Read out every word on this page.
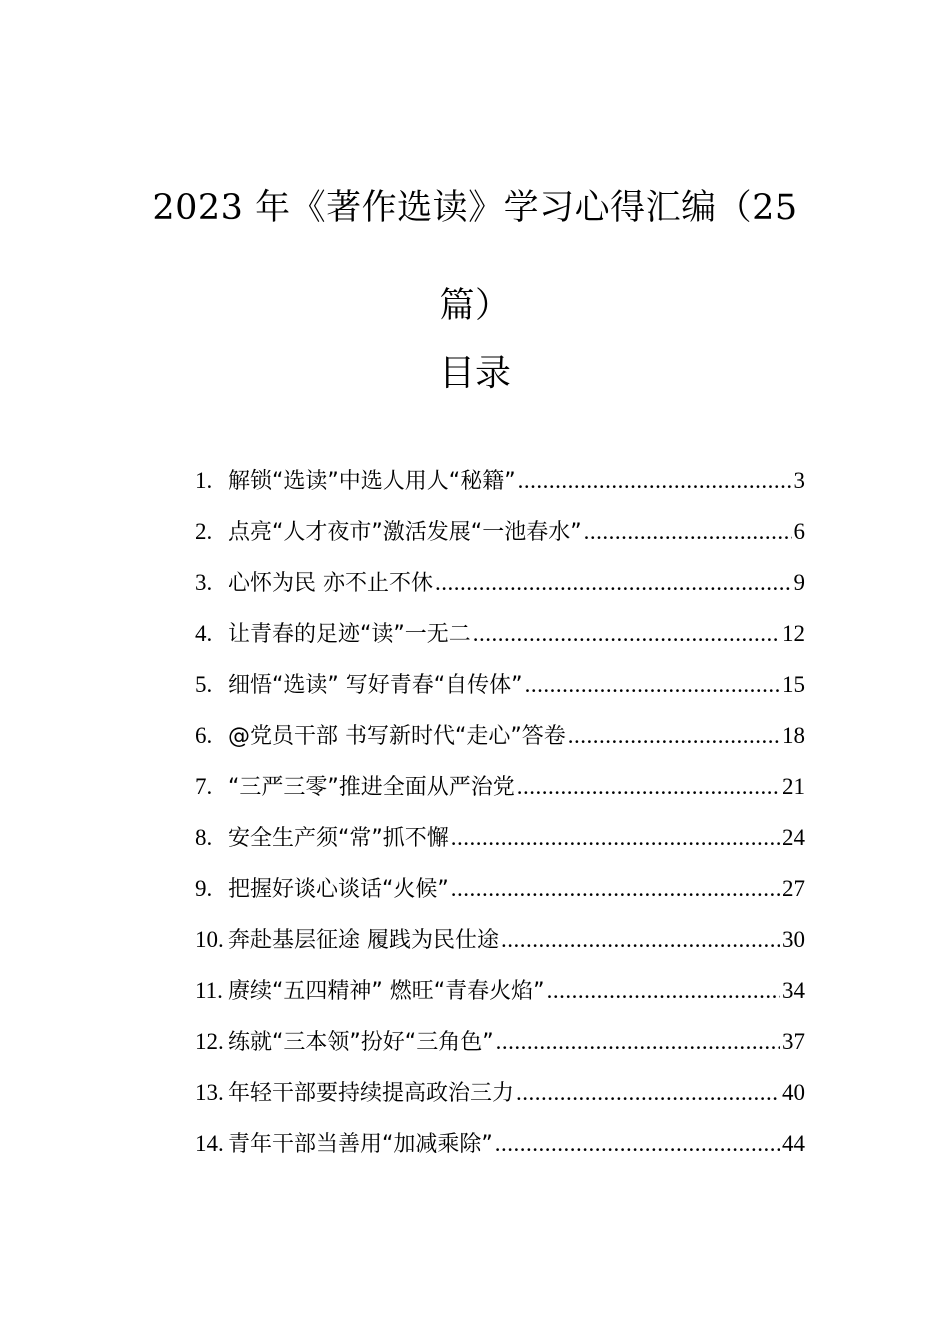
2023 年《著作选读》学习心得汇编（25
篇）
目录
1. 解锁“选读”中选人用人“秘籍” .....	3
2. 点亮“人才夜市”激活发展“一池春水” .....	6
3. 心怀为民 亦不止不休 .....	9
4. 让青春的足迹“读”一无二 .....	12
5. 细悟“选读” 写好青春“自传体” .....	15
6. @党员干部 书写新时代“走心”答卷 .....	18
7. “三严三零”推进全面从严治党 .....	21
8. 安全生产须“常”抓不懈 .....	24
9. 把握好谈心谈话“火候” .....	27
10. 奔赴基层征途 履践为民仕途 .....	30
11. 赓续“五四精神” 燃旺“青春火焰” .....	34
12. 练就“三本领”扮好“三角色” .....	37
13. 年轻干部要持续提高政治三力 .....	40
14. 青年干部当善用“加减乘除” .....	44
